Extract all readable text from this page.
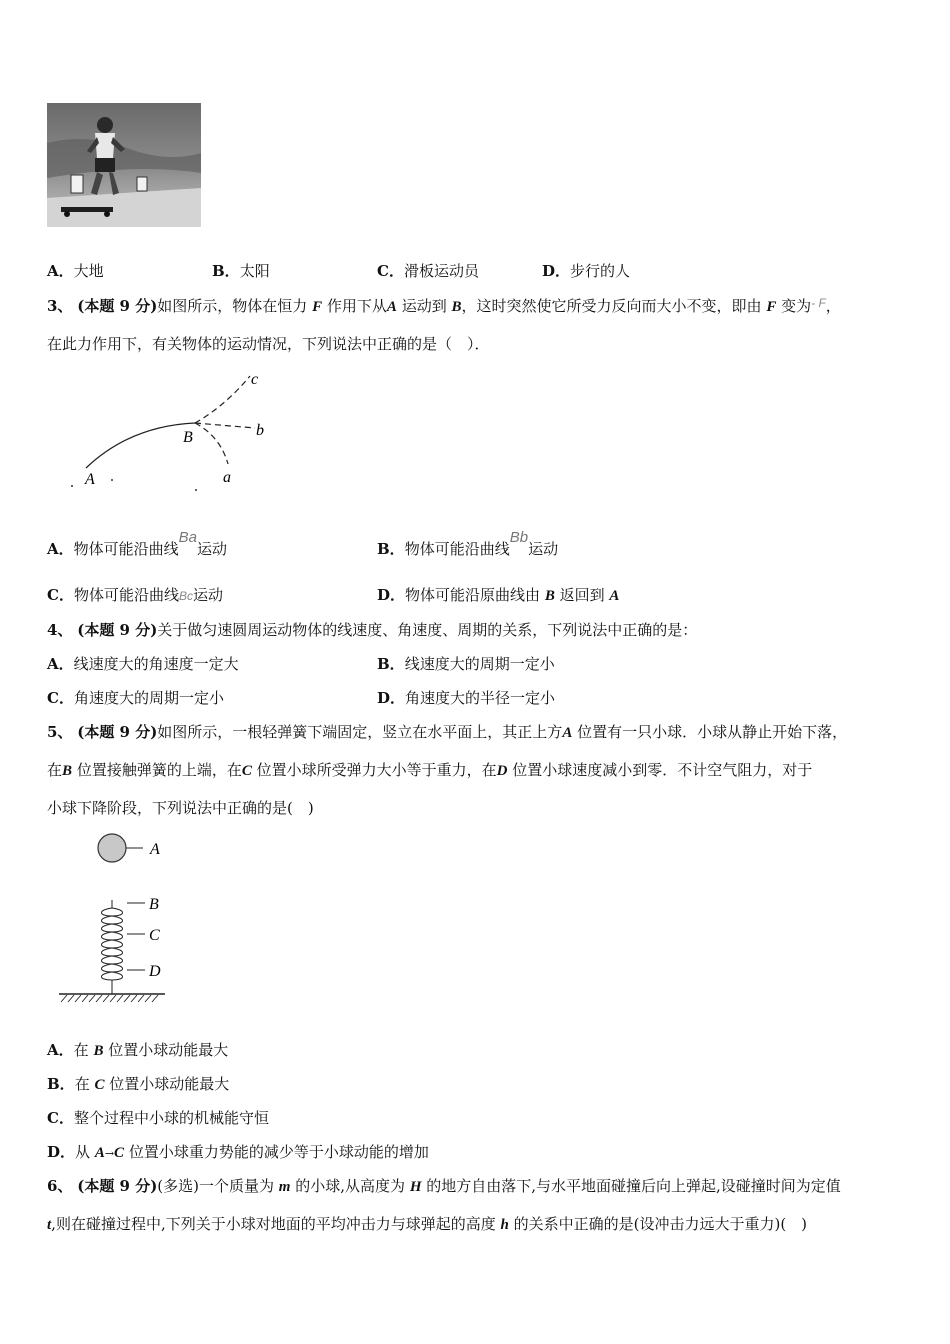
A．大地	B．太阳	C．滑板运动员	D．步行的人
3、 (本题 9 分)如图所示，物体在恒力 F 作用下从A 运动到 B，这时突然使它所受力反向而大小不变，即由 F 变为$^{- F}$，
在此力作用下，有关物体的运动情况，下列说法中正确的是（　）．
c
b
B
A	a
A．物体可能沿曲线Ba运动	B．物体可能沿曲线Bb运动
C．物体可能沿曲线Bc运动	D．物体可能沿原曲线由 B 返回到 A
4、 (本题 9 分)关于做匀速圆周运动物体的线速度、角速度、周期的关系，下列说法中正确的是：
A．线速度大的角速度一定大	B．线速度大的周期一定小
C．角速度大的周期一定小	D．角速度大的半径一定小
5、 (本题 9 分)如图所示，一根轻弹簧下端固定，竖立在水平面上，其正上方A 位置有一只小球．小球从静止开始下落，
在B 位置接触弹簧的上端，在C 位置小球所受弹力大小等于重力，在D 位置小球速度减小到零．不计空气阻力，对于
小球下降阶段，下列说法中正确的是(　)
A
B
C
D
A．在 B 位置小球动能最大
B．在 C 位置小球动能最大
C．整个过程中小球的机械能守恒
D．从 A→C 位置小球重力势能的减少等于小球动能的增加
6、 (本题 9 分)(多选)一个质量为 m 的小球,从高度为 H 的地方自由落下,与水平地面碰撞后向上弹起,设碰撞时间为定值
t,则在碰撞过程中,下列关于小球对地面的平均冲击力与球弹起的高度 h 的关系中正确的是(设冲击力远大于重力)(　)
